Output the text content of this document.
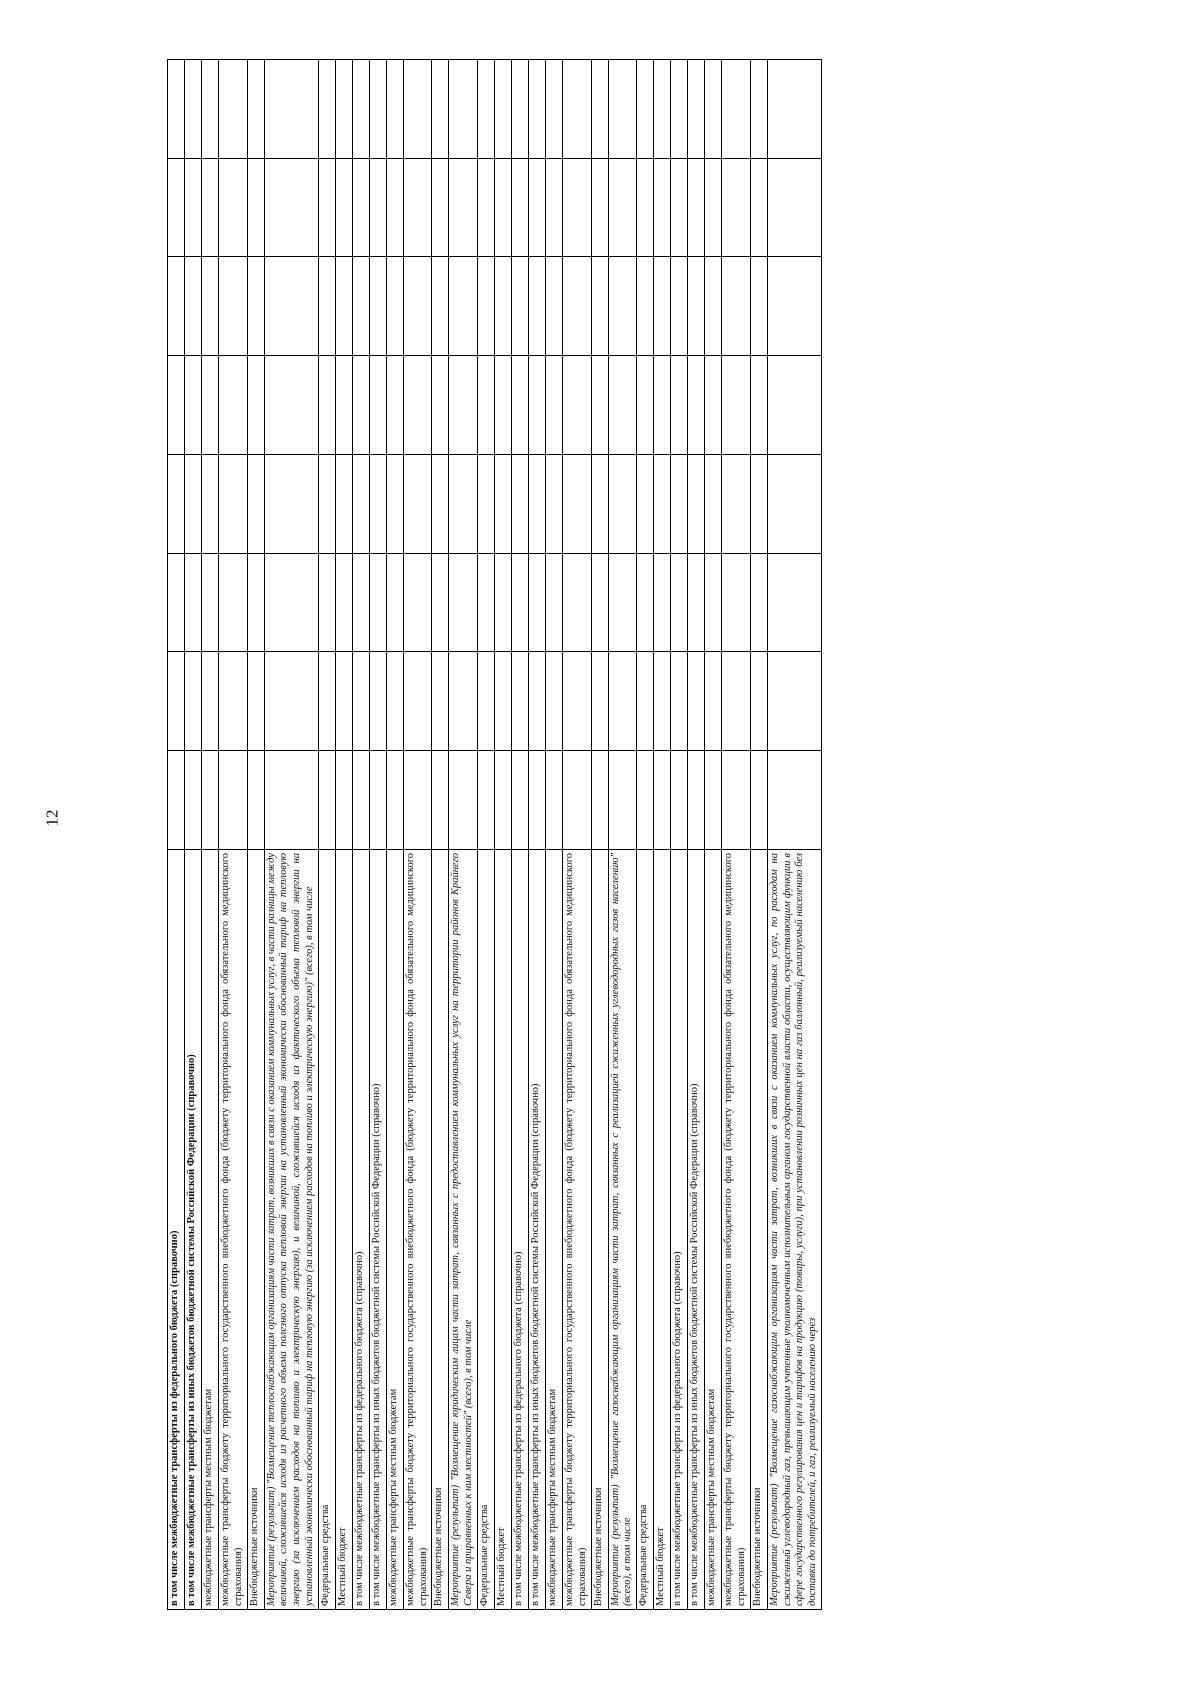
12
в том числе межбюджетные трансферты из федерального бюджета (справочно)								
в том числе межбюджетные трансферты из иных бюджетов бюджетной системы Российской Федерации (справочно)								
межбюджетные трансферты местным бюджетам								
межбюджетные трансферты бюджету территориального государственного внебюджетного фонда (бюджету территориального фонда обязательного медицинского страхования)								
Внебюджетные источники								
Мероприятие (результат) "Возмещение теплоснабжающим организациям части затрат, возникших в связи с оказанием коммунальных услуг, в части разницы между величиной, сложившейся исходя из расчетного объема полезного отпуска тепловой энергии на установленный экономически обоснованный тариф на тепловую энергию (за исключением расходов на топливо и электрическую энергию), и величиной, сложившейся исходя из фактического объема тепловой энергии на установленный экономически обоснованный тариф на тепловую энергию (за исключением расходов на топливо и электрическую энергию)" (всего), в том числе								
Федеральные средства								
Местный бюджет								
в том числе межбюджетные трансферты из федерального бюджета (справочно)								
в том числе межбюджетные трансферты из иных бюджетов бюджетной системы Российской Федерации (справочно)								
межбюджетные трансферты местным бюджетам								
межбюджетные трансферты бюджету территориального государственного внебюджетного фонда (бюджету территориального фонда обязательного медицинского страхования)								
Внебюджетные источники								
Мероприятие (результат) "Возмещение юридическим лицам части затрат, связанных с предоставлением коммунальных услуг на территории районов Крайнего Севера и приравненных к ним местностей" (всего), в том числе								
Федеральные средства								
Местный бюджет								
в том числе межбюджетные трансферты из федерального бюджета (справочно)								
в том числе межбюджетные трансферты из иных бюджетов бюджетной системы Российской Федерации (справочно)								
межбюджетные трансферты местным бюджетам								
межбюджетные трансферты бюджету территориального государственного внебюджетного фонда (бюджету территориального фонда обязательного медицинского страхования)								
Внебюджетные источники								
Мероприятие (результат) "Возмещение газоснабжающим организациям части затрат, связанных с реализацией сжиженных углеводородных газов населению" (всего), в том числе								
Федеральные средства								
Местный бюджет								
в том числе межбюджетные трансферты из федерального бюджета (справочно)								
в том числе межбюджетные трансферты из иных бюджетов бюджетной системы Российской Федерации (справочно)								
межбюджетные трансферты местным бюджетам								
межбюджетные трансферты бюджету территориального государственного внебюджетного фонда (бюджету территориального фонда обязательного медицинского страхования)								
Внебюджетные источники								
Мероприятие (результат) "Возмещение газоснабжающим организациям части затрат, возникших в связи с оказанием коммунальных услуг, по расходам на сжиженный углеводородный газ, превышающим учтенные уполномоченным исполнительным органом государственной власти области, осуществляющим функции в сфере государственного регулирования цен и тарифов на продукцию (товары, услуги), при установлении розничных цен на газ баллонный, реализуемый населению без доставки до потребителей, и газ, реализуемый населению через								
